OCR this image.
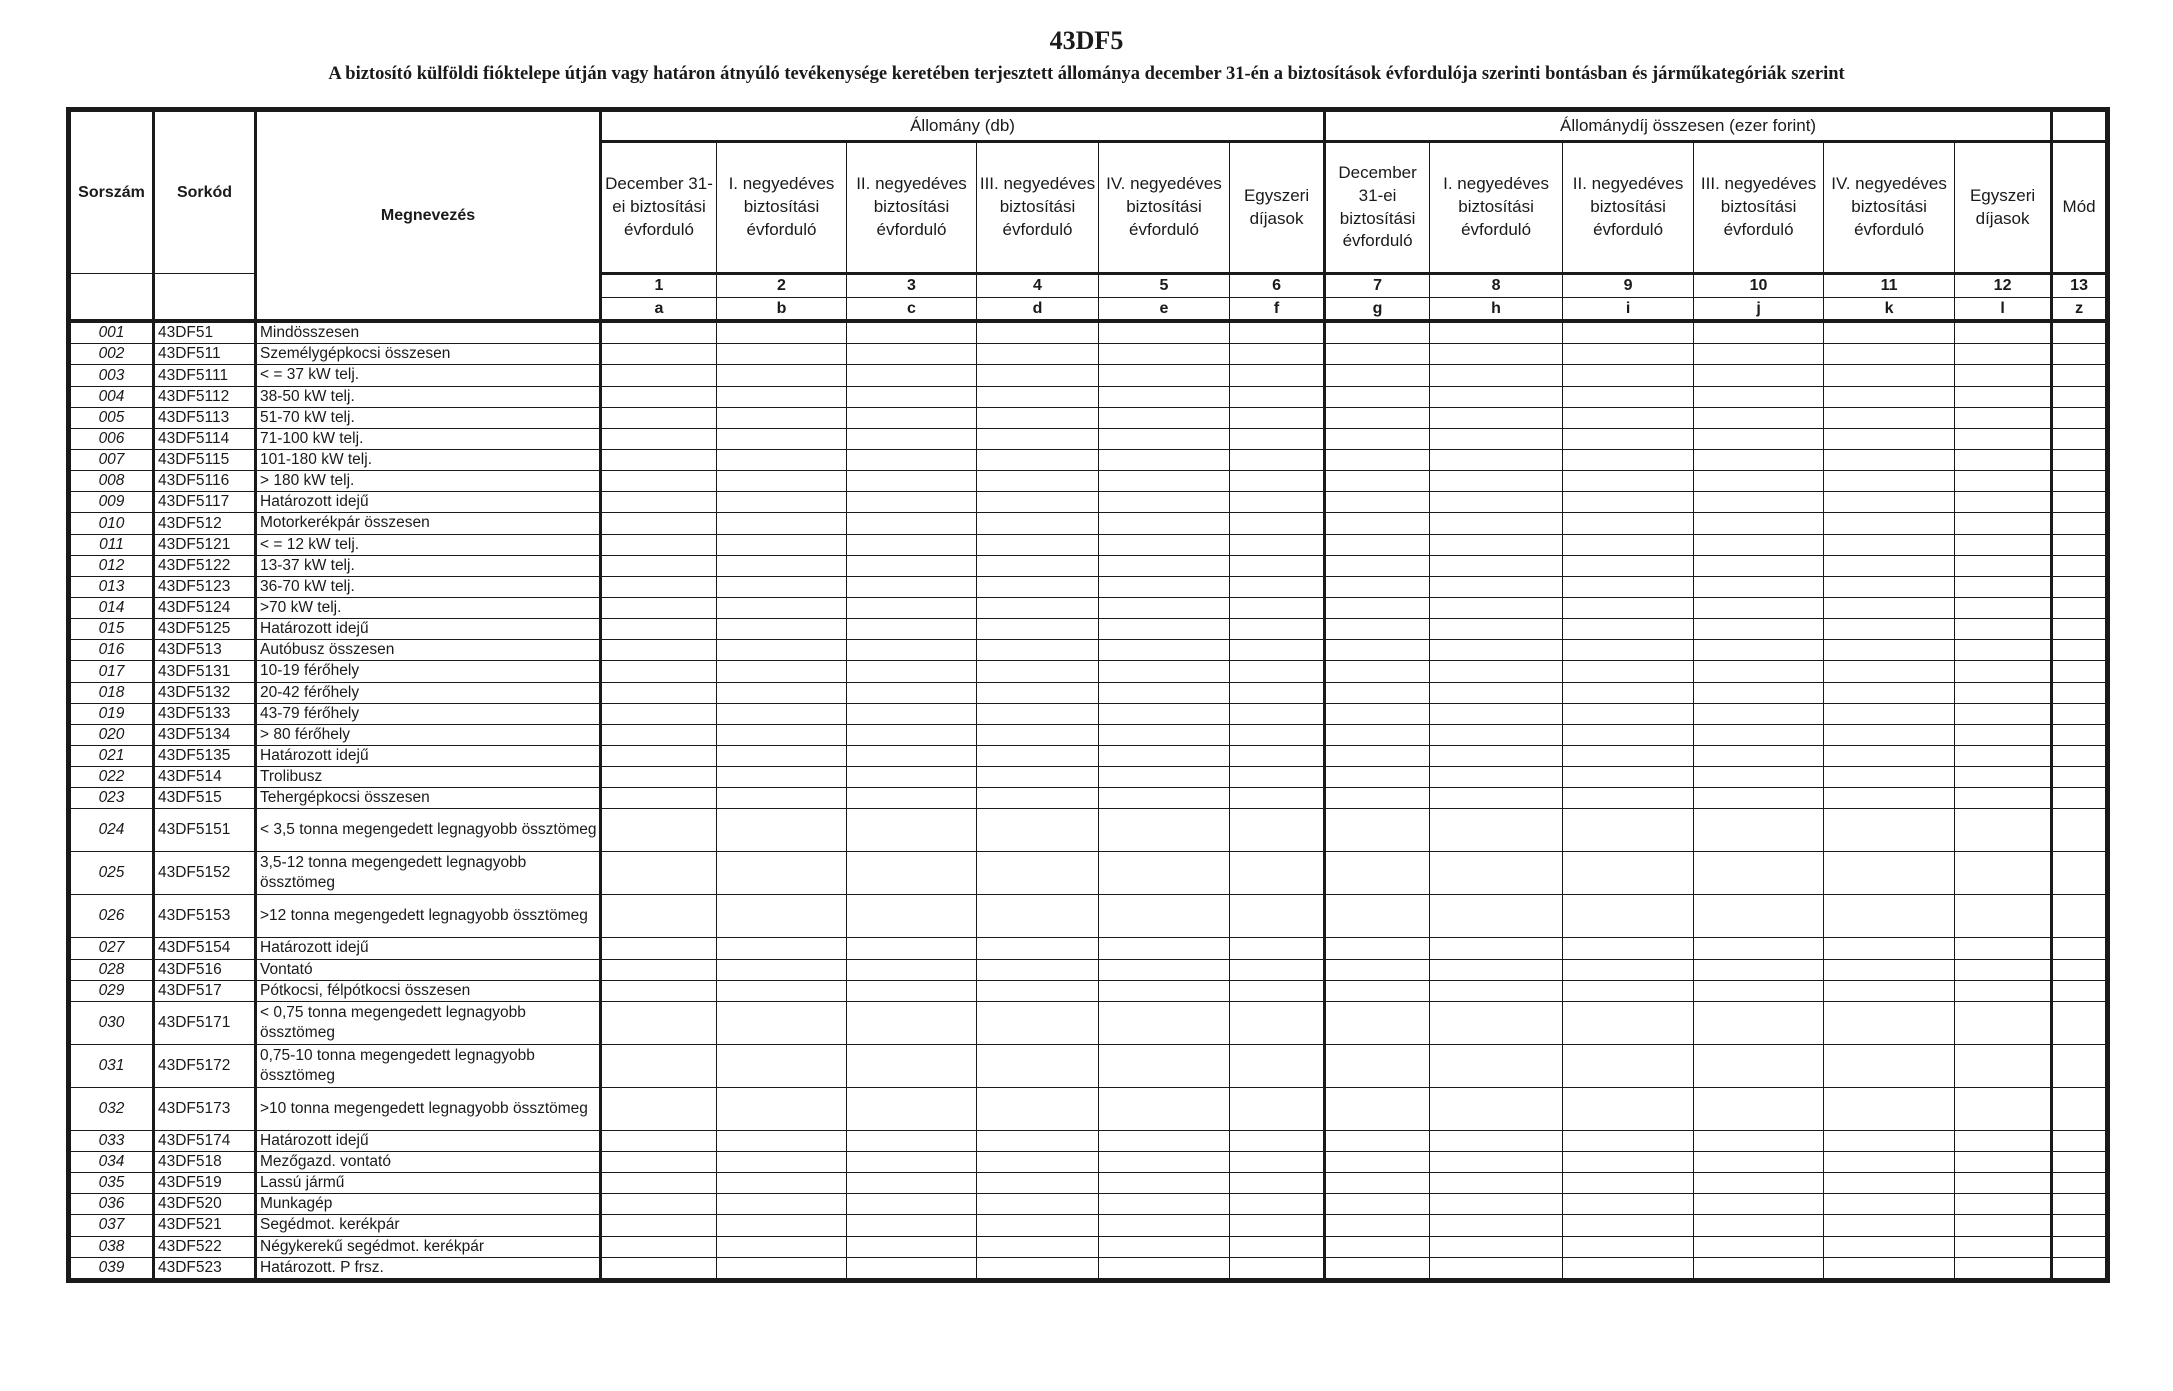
43DF5
A biztosító külföldi fióktelepe útján vagy határon átnyúló tevékenysége keretében terjesztett állománya december 31-én a biztosítások évfordulója szerinti bontásban és járműkategóriák szerint
Sorszám	Sorkód	Megnevezés	Állomány (db)						Állománydíj összesen (ezer forint)						
			December 31-ei biztosítási évforduló	I. negyedéves biztosítási évforduló	II. negyedéves biztosítási évforduló	III. negyedéves biztosítási évforduló	IV. negyedéves biztosítási évforduló	Egyszeri díjasok	December 31-ei biztosítási évforduló	I. negyedéves biztosítási évforduló	II. negyedéves biztosítási évforduló	III. negyedéves biztosítási évforduló	IV. negyedéves biztosítási évforduló	Egyszeri díjasok	Mód
			1	2	3	4	5	6	7	8	9	10	11	12	13
			a	b	c	d	e	f	g	h	i	j	k	l	z
001	43DF51	Mindösszesen													
002	43DF511	Személygépkocsi összesen													
003	43DF5111	< = 37 kW telj.													
004	43DF5112	38-50 kW telj.													
005	43DF5113	51-70 kW telj.													
006	43DF5114	71-100 kW telj.													
007	43DF5115	101-180 kW telj.													
008	43DF5116	> 180 kW telj.													
009	43DF5117	Határozott idejű													
010	43DF512	Motorkerékpár összesen													
011	43DF5121	< = 12 kW telj.													
012	43DF5122	13-37 kW telj.													
013	43DF5123	36-70 kW telj.													
014	43DF5124	>70 kW telj.													
015	43DF5125	Határozott idejű													
016	43DF513	Autóbusz összesen													
017	43DF5131	10-19 férőhely													
018	43DF5132	20-42 férőhely													
019	43DF5133	43-79 férőhely													
020	43DF5134	> 80 férőhely													
021	43DF5135	Határozott idejű													
022	43DF514	Trolibusz													
023	43DF515	Tehergépkocsi összesen													
024	43DF5151	< 3,5 tonna megengedett legnagyobb össztömeg													
025	43DF5152	3,5-12 tonna megengedett legnagyobb össztömeg													
026	43DF5153	>12 tonna megengedett legnagyobb össztömeg													
027	43DF5154	Határozott idejű													
028	43DF516	Vontató													
029	43DF517	Pótkocsi, félpótkocsi összesen													
030	43DF5171	< 0,75 tonna megengedett legnagyobb össztömeg													
031	43DF5172	0,75-10 tonna megengedett legnagyobb össztömeg													
032	43DF5173	>10 tonna megengedett legnagyobb össztömeg													
033	43DF5174	Határozott idejű													
034	43DF518	Mezőgazd. vontató													
035	43DF519	Lassú jármű													
036	43DF520	Munkagép													
037	43DF521	Segédmot. kerékpár													
038	43DF522	Négykerekű segédmot. kerékpár													
039	43DF523	Határozott. P frsz.													
